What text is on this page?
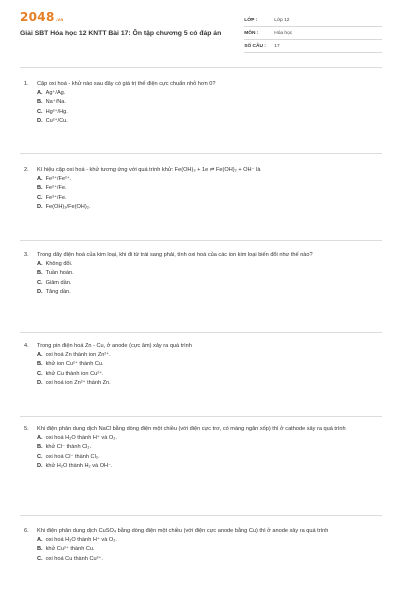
2048.vn
Giải SBT Hóa học 12 KNTT Bài 17: Ôn tập chương 5 có đáp án
LỚP :	Lớp 12
MÔN :	Hóa học
SỐ CÂU :	17
1.	Cặp oxi hoá - khử nào sau đây có giá trị thế điện cực chuẩn nhỏ hơn 0?
A. Ag⁺/Ag.
B. Na⁺/Na.
C. Hg²⁺/Hg.
D. Cu²⁺/Cu.
2.	Kí hiệu cặp oxi hoá - khử tương ứng với quá trình khử: Fe(OH)₃ + 1e ⇌ Fe(OH)₂ + OH⁻ là
A. Fe³⁺/Fe²⁺.
B. Fe²⁺/Fe.
C. Fe³⁺/Fe.
D. Fe(OH)₃/Fe(OH)₂.
3.	Trong dãy điện hoá của kim loại, khi đi từ trái sang phải, tính oxi hoá của các ion kim loại biến đổi như thế nào?
A. Không đổi.
B. Tuần hoàn.
C. Giảm dần.
D. Tăng dần.
4.	Trong pin điện hoá Zn - Cu, ở anode (cực âm) xảy ra quá trình
A. oxi hoá Zn thành ion Zn²⁺.
B. khử ion Cu²⁺ thành Cu.
C. khử Cu thành ion Cu²⁺.
D. oxi hoá ion Zn²⁺ thành Zn.
5.	Khi điện phân dung dịch NaCl bằng dòng điện một chiều (với điện cực trơ, có màng ngăn xốp) thì ở cathode xảy ra quá trình
A. oxi hoá H₂O thành H⁺ và O₂.
B. khử Cl⁻ thành Cl₂.
C. oxi hoá Cl⁻ thành Cl₂.
D. khử H₂O thành H₂ và OH⁻.
6.	Khi điện phân dung dịch CuSO₄ bằng dòng điện một chiều (với điện cực anode bằng Cu) thì ở anode xảy ra quá trình
A. oxi hoá H₂O thành H⁺ và O₂.
B. khử Cu²⁺ thành Cu.
C. oxi hoá Cu thành Cu²⁺.
